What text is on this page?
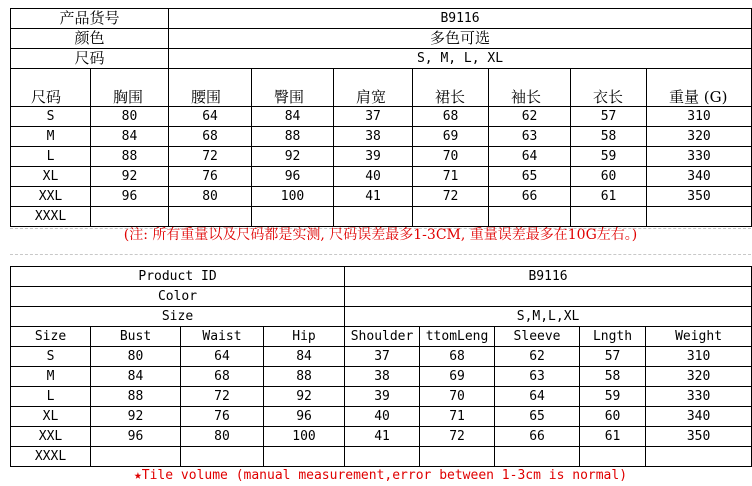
产品货号		B9116						
颜色		多色可选						
尺码		S, M, L, XL						
尺码	胸围	腰围	臀围	肩宽	裙长	袖长	衣长	重量 (G)
S	80	64	84	37	68	62	57	310
M	84	68	88	38	69	63	58	320
L	88	72	92	39	70	64	59	330
XL	92	76	96	40	71	65	60	340
XXL	96	80	100	41	72	66	61	350
XXXL								
(注: 所有重量以及尺码都是实测, 尺码误差最多1-3CM, 重量误差最多在10G左右。)
Product ID				B9116				
Color								
Size				S,M,L,XL				
Size	Bust	Waist	Hip	Shoulder	ttomLeng	Sleeve	Lngth	Weight
S	80	64	84	37	68	62	57	310
M	84	68	88	38	69	63	58	320
L	88	72	92	39	70	64	59	330
XL	92	76	96	40	71	65	60	340
XXL	96	80	100	41	72	66	61	350
XXXL								
★Tile volume (manual measurement,error between 1-3cm is normal)
